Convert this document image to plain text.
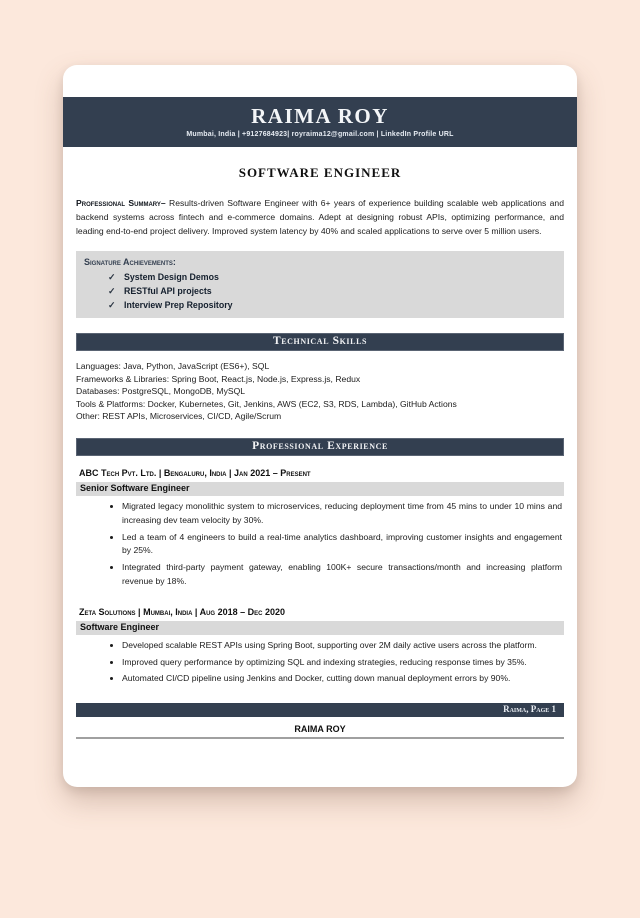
RAIMA ROY
Mumbai, India | +9127684923| royraima12@gmail.com | LinkedIn Profile URL
SOFTWARE ENGINEER

Professional Summary– Results-driven Software Engineer with 6+ years of experience building scalable web applications and backend systems across fintech and e-commerce domains. Adept at designing robust APIs, optimizing performance, and leading end-to-end project delivery. Improved system latency by 40% and scaled applications to serve over 5 million users.

Signature Achievements:
✓ System Design Demos
✓ RESTful API projects
✓ Interview Prep Repository
Technical Skills
Languages: Java, Python, JavaScript (ES6+), SQL
Frameworks & Libraries: Spring Boot, React.js, Node.js, Express.js, Redux
Databases: PostgreSQL, MongoDB, MySQL
Tools & Platforms: Docker, Kubernetes, Git, Jenkins, AWS (EC2, S3, RDS, Lambda), GitHub Actions
Other: REST APIs, Microservices, CI/CD, Agile/Scrum
Professional Experience
ABC Tech Pvt. Ltd. | Bengaluru, India | Jan 2021 – Present
Senior Software Engineer
• Migrated legacy monolithic system to microservices, reducing deployment time from 45 mins to under 10 mins and increasing dev team velocity by 30%.
• Led a team of 4 engineers to build a real-time analytics dashboard, improving customer insights and engagement by 25%.
• Integrated third-party payment gateway, enabling 100K+ secure transactions/month and increasing platform revenue by 18%.
Zeta Solutions | Mumbai, India | Aug 2018 – Dec 2020
Software Engineer
• Developed scalable REST APIs using Spring Boot, supporting over 2M daily active users across the platform.
• Improved query performance by optimizing SQL and indexing strategies, reducing response times by 35%.
• Automated CI/CD pipeline using Jenkins and Docker, cutting down manual deployment errors by 90%.
Raima, Page 1
RAIMA ROY
